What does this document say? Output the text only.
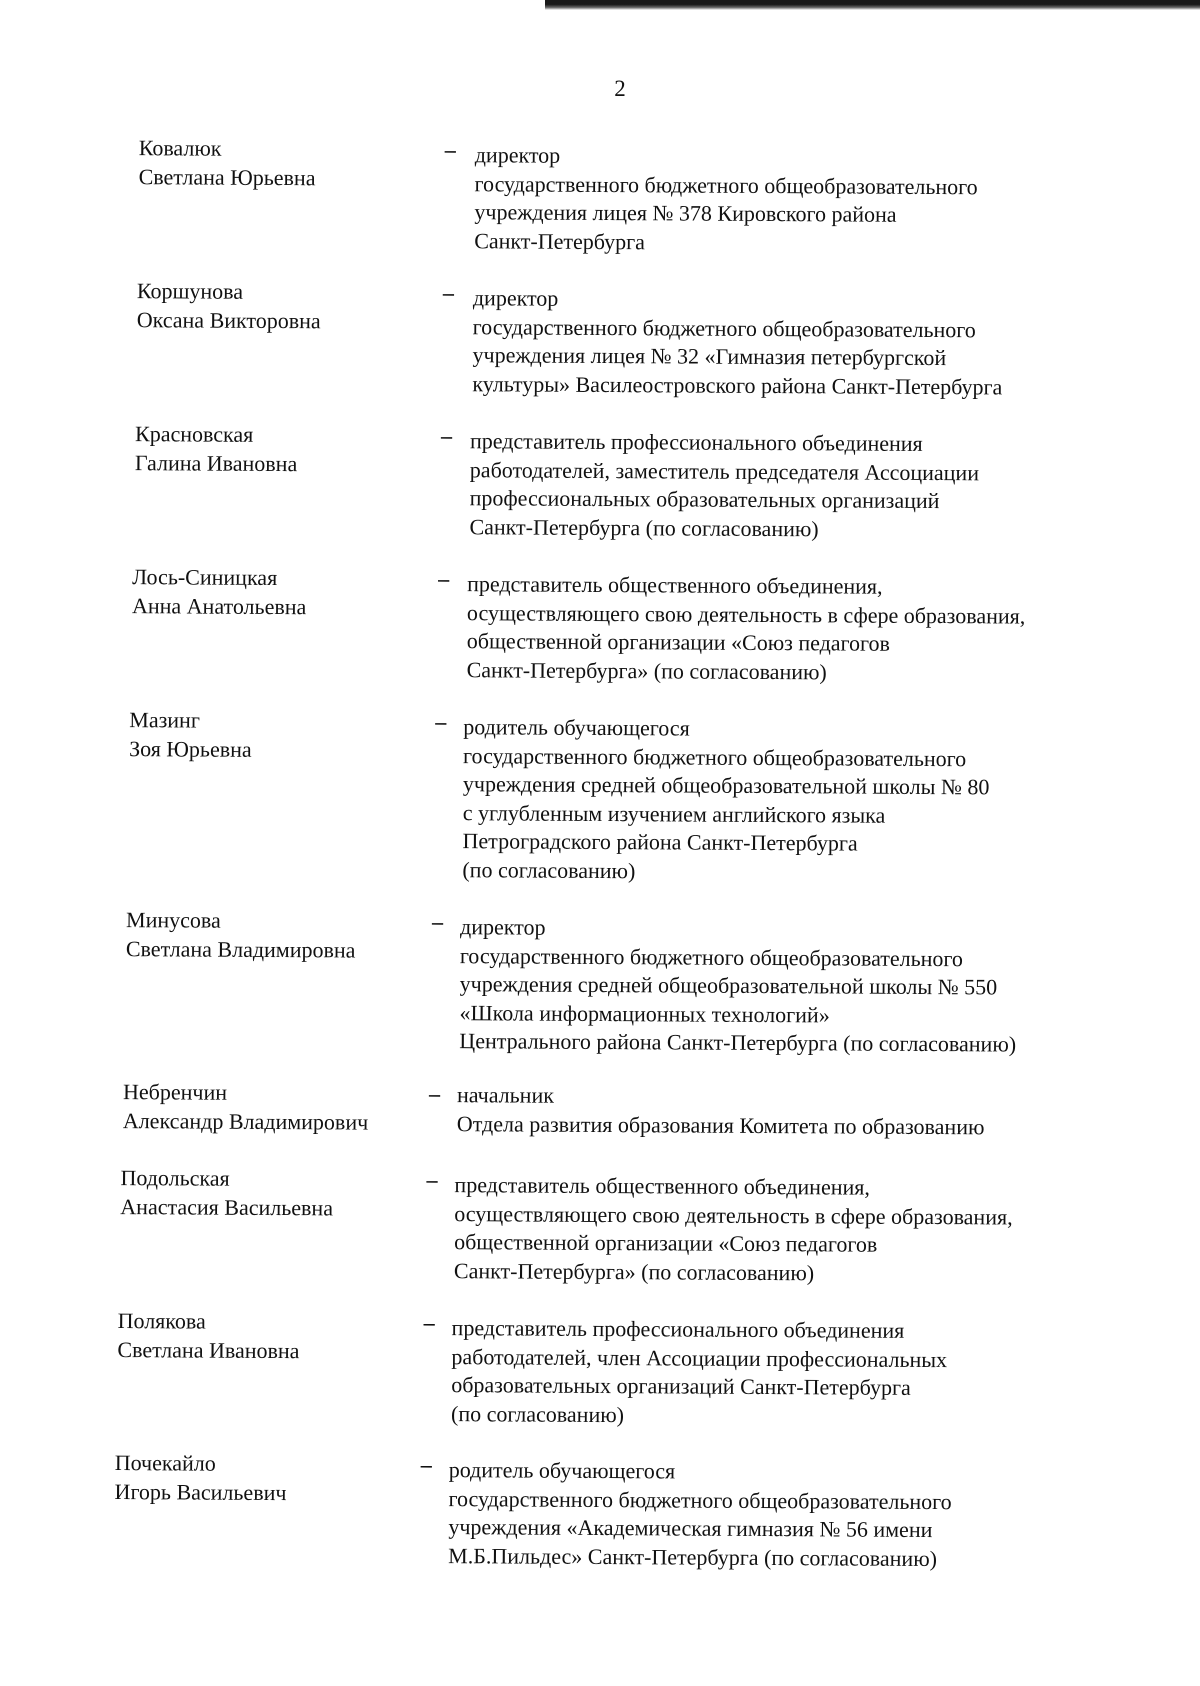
2
Ковалюк
Светлана Юрьевна
– директор
государственного бюджетного общеобразовательного
учреждения лицея № 378 Кировского района
Санкт-Петербурга
Коршунова
Оксана Викторовна
– директор
государственного бюджетного общеобразовательного
учреждения лицея № 32 «Гимназия петербургской
культуры» Василеостровского района Санкт-Петербурга
Красновская
Галина Ивановна
– представитель профессионального объединения
работодателей, заместитель председателя Ассоциации
профессиональных образовательных организаций
Санкт-Петербурга (по согласованию)
Лось-Синицкая
Анна Анатольевна
– представитель общественного объединения,
осуществляющего свою деятельность в сфере образования,
общественной организации «Союз педагогов
Санкт-Петербурга» (по согласованию)
Мазинг
Зоя Юрьевна
– родитель обучающегося
государственного бюджетного общеобразовательного
учреждения средней общеобразовательной школы № 80
с углубленным изучением английского языка
Петроградского района Санкт-Петербурга
(по согласованию)
Минусова
Светлана Владимировна
– директор
государственного бюджетного общеобразовательного
учреждения средней общеобразовательной школы № 550
«Школа информационных технологий»
Центрального района Санкт-Петербурга (по согласованию)
Небренчин
Александр Владимирович
– начальник
Отдела развития образования Комитета по образованию
Подольская
Анастасия Васильевна
– представитель общественного объединения,
осуществляющего свою деятельность в сфере образования,
общественной организации «Союз педагогов
Санкт-Петербурга» (по согласованию)
Полякова
Светлана Ивановна
– представитель профессионального объединения
работодателей, член Ассоциации профессиональных
образовательных организаций Санкт-Петербурга
(по согласованию)
Почекайло
Игорь Васильевич
– родитель обучающегося
государственного бюджетного общеобразовательного
учреждения «Академическая гимназия № 56 имени
М.Б.Пильдес» Санкт-Петербурга (по согласованию)
